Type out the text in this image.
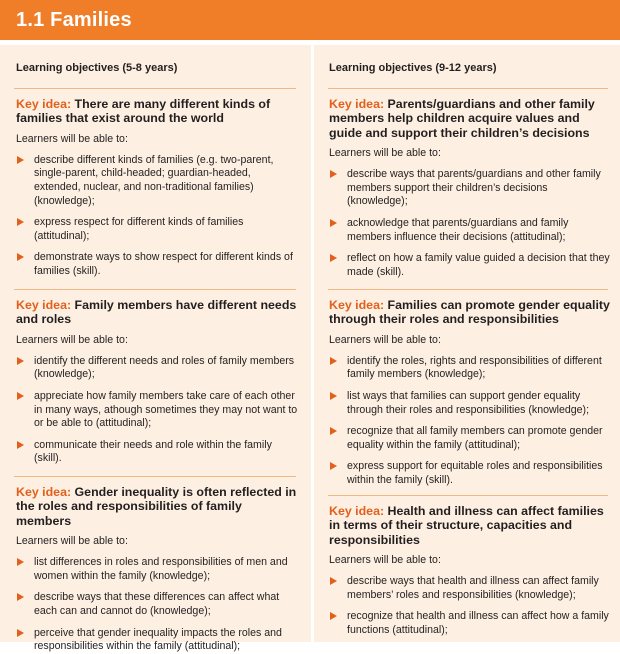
1.1 Families
Learning objectives (5-8 years)
Key idea: There are many different kinds of families that exist around the world
Learners will be able to:
describe different kinds of families (e.g. two-parent, single-parent, child-headed; guardian-headed, extended, nuclear, and non-traditional families) (knowledge);
express respect for different kinds of families (attitudinal);
demonstrate ways to show respect for different kinds of families (skill).
Key idea: Family members have different needs and roles
Learners will be able to:
identify the different needs and roles of family members (knowledge);
appreciate how family members take care of each other in many ways, athough sometimes they may not want to or be able to (attitudinal);
communicate their needs and role within the family (skill).
Key idea: Gender inequality is often reflected in the roles and responsibilities of family members
Learners will be able to:
list differences in roles and responsibilities of men and women within the family (knowledge);
describe ways that these differences can affect what each can and cannot do (knowledge);
perceive that gender inequality impacts the roles and responsibilities within the family (attitudinal);
Learning objectives (9-12 years)
Key idea: Parents/guardians and other family members help children acquire values and guide and support their children’s decisions
Learners will be able to:
describe ways that parents/guardians and other family members support their children’s decisions (knowledge);
acknowledge that parents/guardians and family members influence their decisions (attitudinal);
reflect on how a family value guided a decision that they made (skill).
Key idea: Families can promote gender equality through their roles and responsibilities
Learners will be able to:
identify the roles, rights and responsibilities of different family members (knowledge);
list ways that families can support gender equality through their roles and responsibilities (knowledge);
recognize that all family members can promote gender equality within the family (attitudinal);
express support for equitable roles and responsibilities within the family (skill).
Key idea: Health and illness can affect families in terms of their structure, capacities and responsibilities
Learners will be able to:
describe ways that health and illness can affect family members’ roles and responsibilities (knowledge);
recognize that health and illness can affect how a family functions (attitudinal);
